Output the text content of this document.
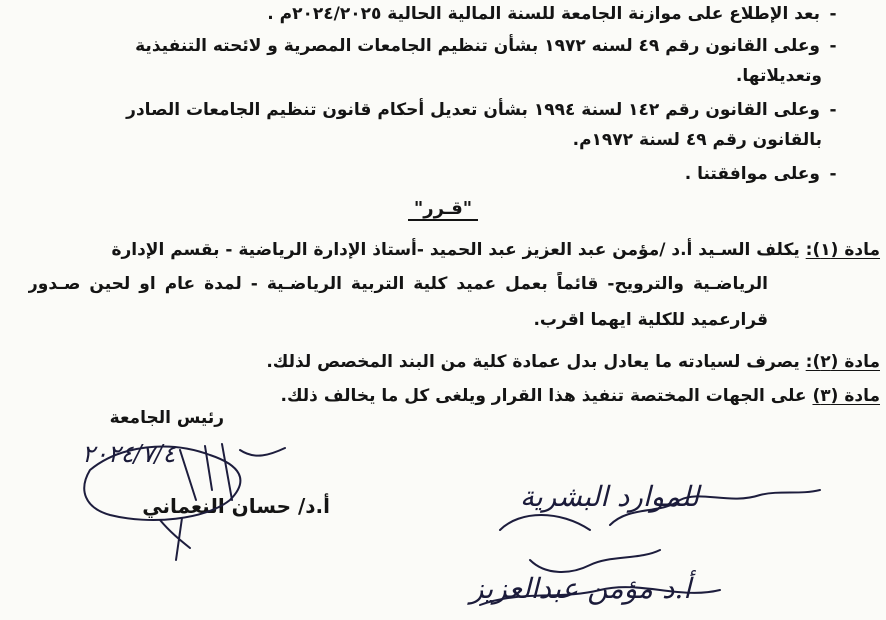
-بعد الإطلاع على موازنة الجامعة للسنة المالية الحالية ٢٠٢٤/٢٠٢٥م .
-وعلى القانون رقم ٤٩ لسنه ١٩٧٢ بشأن تنظيم الجامعات المصرية و لائحته التنفيذية
وتعديلاتها.
-وعلى القانون رقم ١٤٢ لسنة ١٩٩٤ بشأن تعديل أحكام قانون تنظيم الجامعات الصادر
بالقانون رقم ٤٩ لسنة ١٩٧٢م.
-وعلى موافقتنا .
"قـرر"
مادة (١): يكلف السـيد أ.د /مؤمن عبد العزيز عبد الحميد -أستاذ الإدارة الرياضية - بقسم الإدارة
الرياضـية والترويح- قائماً بعمل عميد كلية التربية الرياضـية - لمدة عام او لحين صـدور
قرارعميد للكلية ايهما اقرب.
مادة (٢): يصرف لسيادته ما يعادل بدل عمادة كلية من البند المخصص لذلك.
مادة (٣) على الجهات المختصة تنفيذ هذا القرار ويلغى كل ما يخالف ذلك.
رئيس الجامعة
أ.د/ حسان النعماني
٢٠٢٤/٧/٤
للموارد البشرية
أ.د مؤمن عبدالعزيز
